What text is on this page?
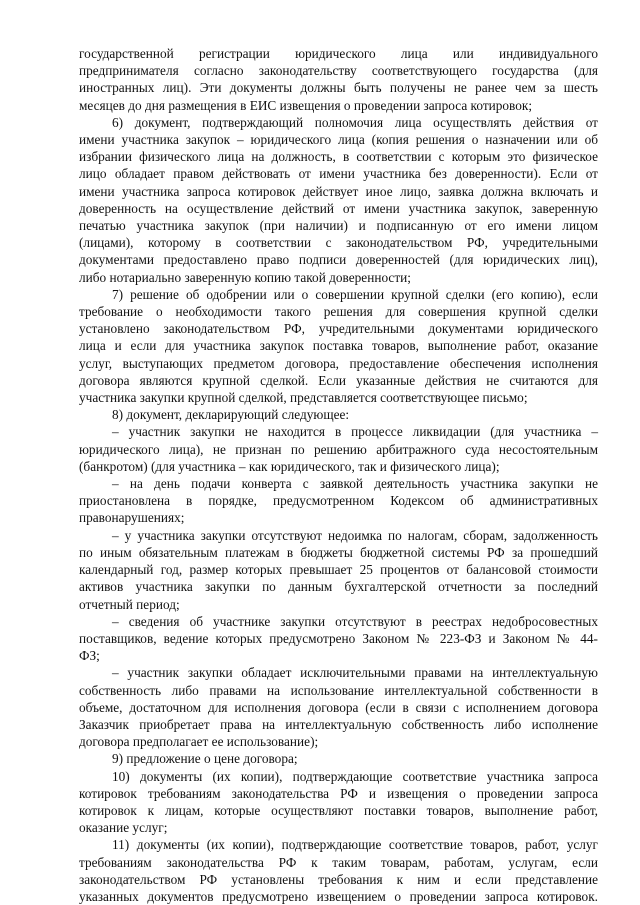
государственной регистрации юридического лица или индивидуального
предпринимателя согласно законодательству соответствующего государства (для
иностранных лиц). Эти документы должны быть получены не ранее чем за шесть
месяцев до дня размещения в ЕИС извещения о проведении запроса котировок;
6) документ, подтверждающий полномочия лица осуществлять действия от
имени участника закупок – юридического лица (копия решения о назначении или об
избрании физического лица на должность, в соответствии с которым это физическое
лицо обладает правом действовать от имени участника без доверенности). Если от
имени участника запроса котировок действует иное лицо, заявка должна включать и
доверенность на осуществление действий от имени участника закупок, заверенную
печатью участника закупок (при наличии) и подписанную от его имени лицом
(лицами), которому в соответствии с законодательством РФ, учредительными
документами предоставлено право подписи доверенностей (для юридических лиц),
либо нотариально заверенную копию такой доверенности;
7) решение об одобрении или о совершении крупной сделки (его копию), если
требование о необходимости такого решения для совершения крупной сделки
установлено законодательством РФ, учредительными документами юридического
лица и если для участника закупок поставка товаров, выполнение работ, оказание
услуг, выступающих предметом договора, предоставление обеспечения исполнения
договора являются крупной сделкой. Если указанные действия не считаются для
участника закупки крупной сделкой, представляется соответствующее письмо;
8) документ, декларирующий следующее:
– участник закупки не находится в процессе ликвидации (для участника –
юридического лица), не признан по решению арбитражного суда несостоятельным
(банкротом) (для участника – как юридического, так и физического лица);
– на день подачи конверта с заявкой деятельность участника закупки не
приостановлена в порядке, предусмотренном Кодексом об административных
правонарушениях;
– у участника закупки отсутствуют недоимка по налогам, сборам, задолженность
по иным обязательным платежам в бюджеты бюджетной системы РФ за прошедший
календарный год, размер которых превышает 25 процентов от балансовой стоимости
активов участника закупки по данным бухгалтерской отчетности за последний
отчетный период;
– сведения об участнике закупки отсутствуют в реестрах недобросовестных
поставщиков, ведение которых предусмотрено Законом № 223-ФЗ и Законом № 44-
ФЗ;
– участник закупки обладает исключительными правами на интеллектуальную
собственность либо правами на использование интеллектуальной собственности в
объеме, достаточном для исполнения договора (если в связи с исполнением договора
Заказчик приобретает права на интеллектуальную собственность либо исполнение
договора предполагает ее использование);
9) предложение о цене договора;
10) документы (их копии), подтверждающие соответствие участника запроса
котировок требованиям законодательства РФ и извещения о проведении запроса
котировок к лицам, которые осуществляют поставки товаров, выполнение работ,
оказание услуг;
11) документы (их копии), подтверждающие соответствие товаров, работ, услуг
требованиям законодательства РФ к таким товарам, работам, услугам, если
законодательством РФ установлены требования к ним и если представление
указанных документов предусмотрено извещением о проведении запроса котировок.
